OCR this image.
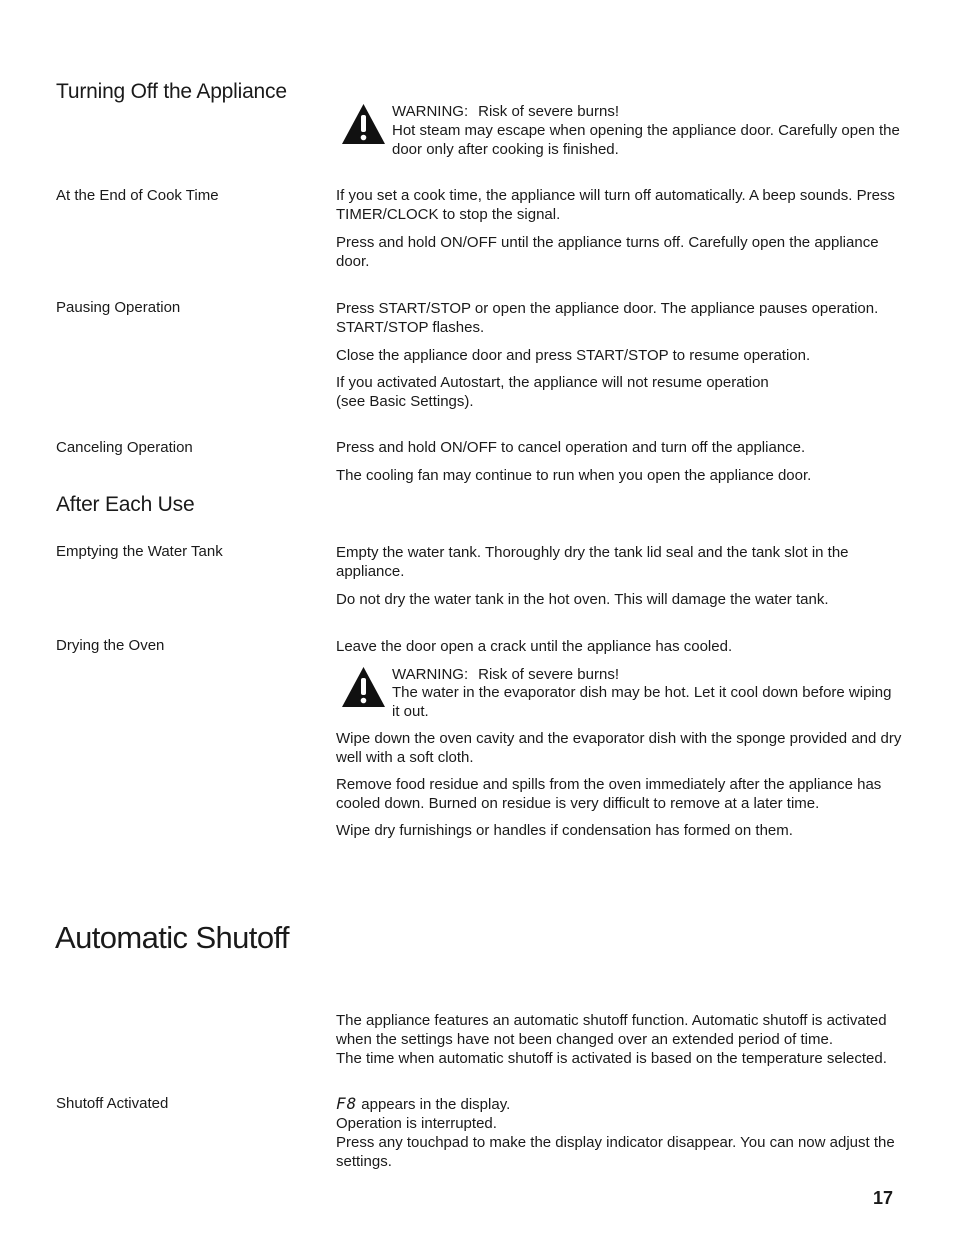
Turning Off the Appliance

WARNING: Risk of severe burns!

Hot steam may escape when opening the appliance door. Carefully open the door only after cooking is finished.

At the End of Cook Time	If you set a cook time, the appliance will turn off automatically. A beep sounds. Press TIMER/CLOCK to stop the signal.

Press and hold ON/OFF until the appliance turns off. Carefully open the appliance door.

Pausing Operation	Press START/STOP or open the appliance door. The appliance pauses operation. START/STOP flashes.

Close the appliance door and press START/STOP to resume operation.

If you activated Autostart, the appliance will not resume operation
(see Basic Settings).

Canceling Operation	Press and hold ON/OFF to cancel operation and turn off the appliance.

The cooling fan may continue to run when you open the appliance door.

After Each Use
Emptying the Water Tank	Empty the water tank. Thoroughly dry the tank lid seal and the tank slot in the appliance.

Do not dry the water tank in the hot oven. This will damage the water tank.

Drying the Oven	Leave the door open a crack until the appliance has cooled.

WARNING: Risk of severe burns!

The water in the evaporator dish may be hot. Let it cool down before wiping it out.

Wipe down the oven cavity and the evaporator dish with the sponge provided and dry well with a soft cloth.

Remove food residue and spills from the oven immediately after the appliance has cooled down. Burned on residue is very difficult to remove at a later time.

Wipe dry furnishings or handles if condensation has formed on them.

Automatic Shutoff

The appliance features an automatic shutoff function. Automatic shutoff is activated when the settings have not been changed over an extended period of time.
The time when automatic shutoff is activated is based on the temperature selected.

Shutoff Activated	F8 appears in the display.
Operation is interrupted.
Press any touchpad to make the display indicator disappear. You can now adjust the settings.

17
